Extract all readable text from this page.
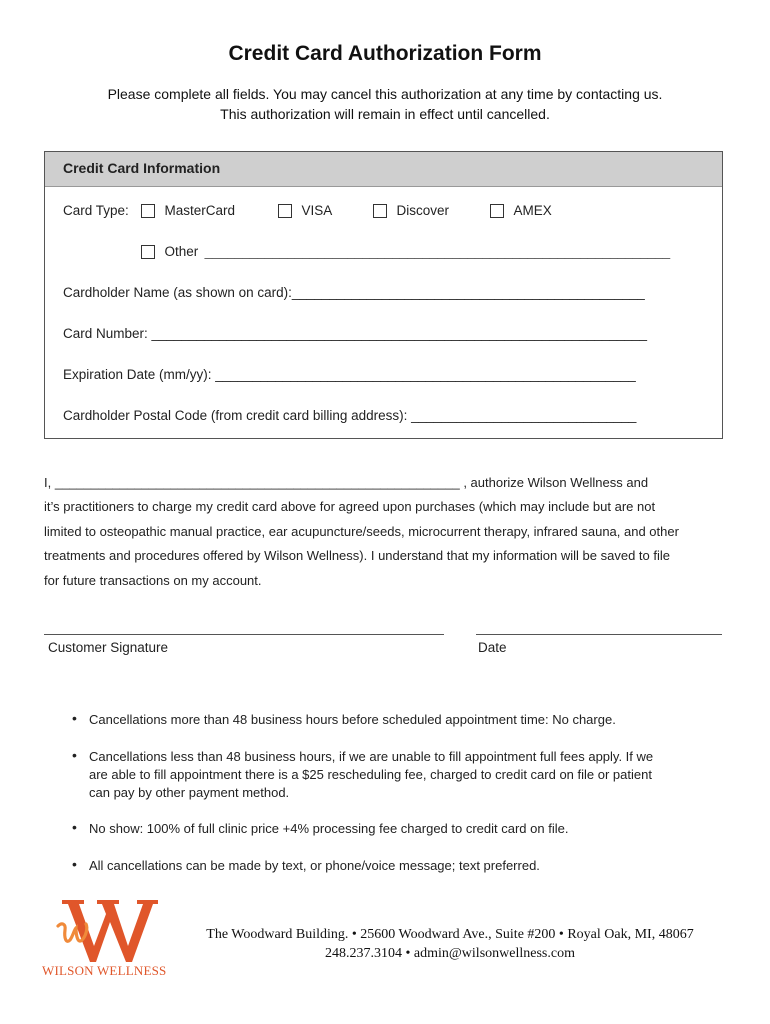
Credit Card Authorization Form
Please complete all fields. You may cancel this authorization at any time by contacting us.
This authorization will remain in effect until cancelled.
Credit Card Information
Card Type:	MasterCard	VISA	Discover	AMEX
Other ______________________________________________________________
Cardholder Name (as shown on card):_______________________________________________
Card Number: __________________________________________________________________
Expiration Date (mm/yy): ________________________________________________________
Cardholder Postal Code (from credit card billing address): ______________________________
I, ________________________________________________________ , authorize Wilson Wellness and
it’s practitioners to charge my credit card above for agreed upon purchases (which may include but are not
limited to osteopathic manual practice, ear acupuncture/seeds, microcurrent therapy, infrared sauna, and other
treatments and procedures offered by Wilson Wellness). I understand that my information will be saved to file
for future transactions on my account.
Customer Signature	Date
• Cancellations more than 48 business hours before scheduled appointment time: No charge.
• Cancellations less than 48 business hours, if we are unable to fill appointment full fees apply. If we
are able to fill appointment there is a $25 rescheduling fee, charged to credit card on file or patient
can pay by other payment method.
• No show: 100% of full clinic price +4% processing fee charged to credit card on file.
• All cancellations can be made by text, or phone/voice message; text preferred.
WILSON WELLNESS
The Woodward Building. • 25600 Woodward Ave., Suite #200 • Royal Oak, MI, 48067
248.237.3104 • admin@wilsonwellness.com
